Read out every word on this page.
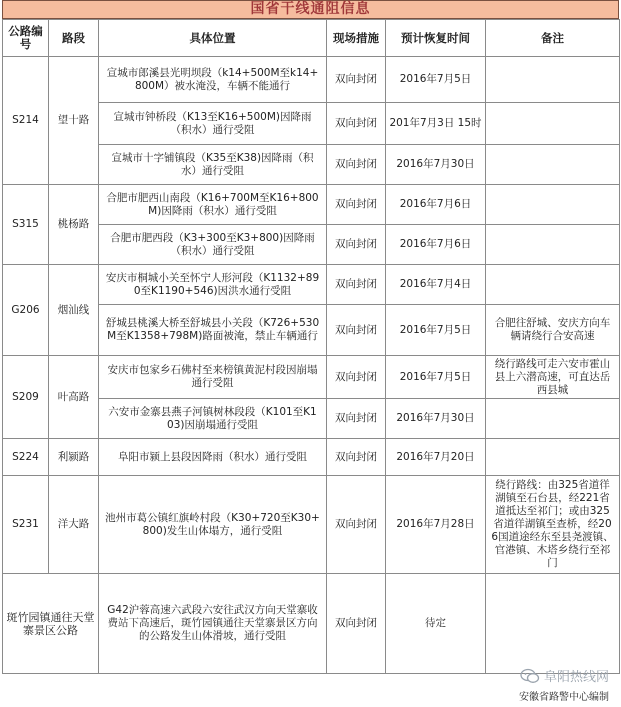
国省干线通阻信息
公路编号	路段	具体位置	现场措施	预计恢复时间	备注
S214	望十路	宣城市郎溪县光明坝段（k14+500M至k14+800M）被水淹没，车辆不能通行	双向封闭	2016年7月5日	
		宣城市钟桥段（K13至K16+500M)因降雨（积水）通行受阻	双向封闭	201年7月3日 15时	
		宣城市十字铺镇段（K35至K38)因降雨（积水）通行受阻	双向封闭	2016年7月30日	
S315	桃杨路	合肥市肥西山南段（K16+700M至K16+800M)因降雨（积水）通行受阻	双向封闭	2016年7月6日	
		合肥市肥西段（K3+300至K3+800)因降雨（积水）通行受阻	双向封闭	2016年7月6日	
G206	烟汕线	安庆市桐城小关至怀宁人形河段（K1132+890至K1190+546)因洪水通行受阻	双向封闭	2016年7月4日	
		舒城县桃溪大桥至舒城县小关段（K726+530M至K1358+798M)路面被淹，禁止车辆通行	双向封闭	2016年7月5日	合肥往舒城、安庆方向车辆请绕行合安高速
S209	叶高路	安庆市包家乡石佛村至来榜镇黄泥村段因崩塌通行受阻	双向封闭	2016年7月5日	绕行路线可走六安市霍山县上六潜高速，可直达岳西县城
		六安市金寨县燕子河镇树林段段（K101至K103)因崩塌通行受阻	双向封闭	2016年7月30日	
S224	利颍路	阜阳市颍上县段因降雨（积水）通行受阻	双向封闭	2016年7月20日	
S231	洋大路	池州市葛公镇红旗岭村段（K30+720至K30+800)发生山体塌方，通行受阻	双向封闭	2016年7月28日	绕行路线：由325省道徉湖镇至石台县，经221省道抵达至祁门；或由325省道徉湖镇至查桥，经206国道途经东至县尧渡镇、官港镇、木塔乡绕行至祁门
斑竹园镇通往天堂寨景区公路		G42沪蓉高速六武段六安往武汉方向天堂寨收费站下高速后，斑竹园镇通往天堂寨景区方向的公路发生山体滑坡，通行受阻	双向封闭	待定	
阜阳热线网
安徽省路警中心编制
